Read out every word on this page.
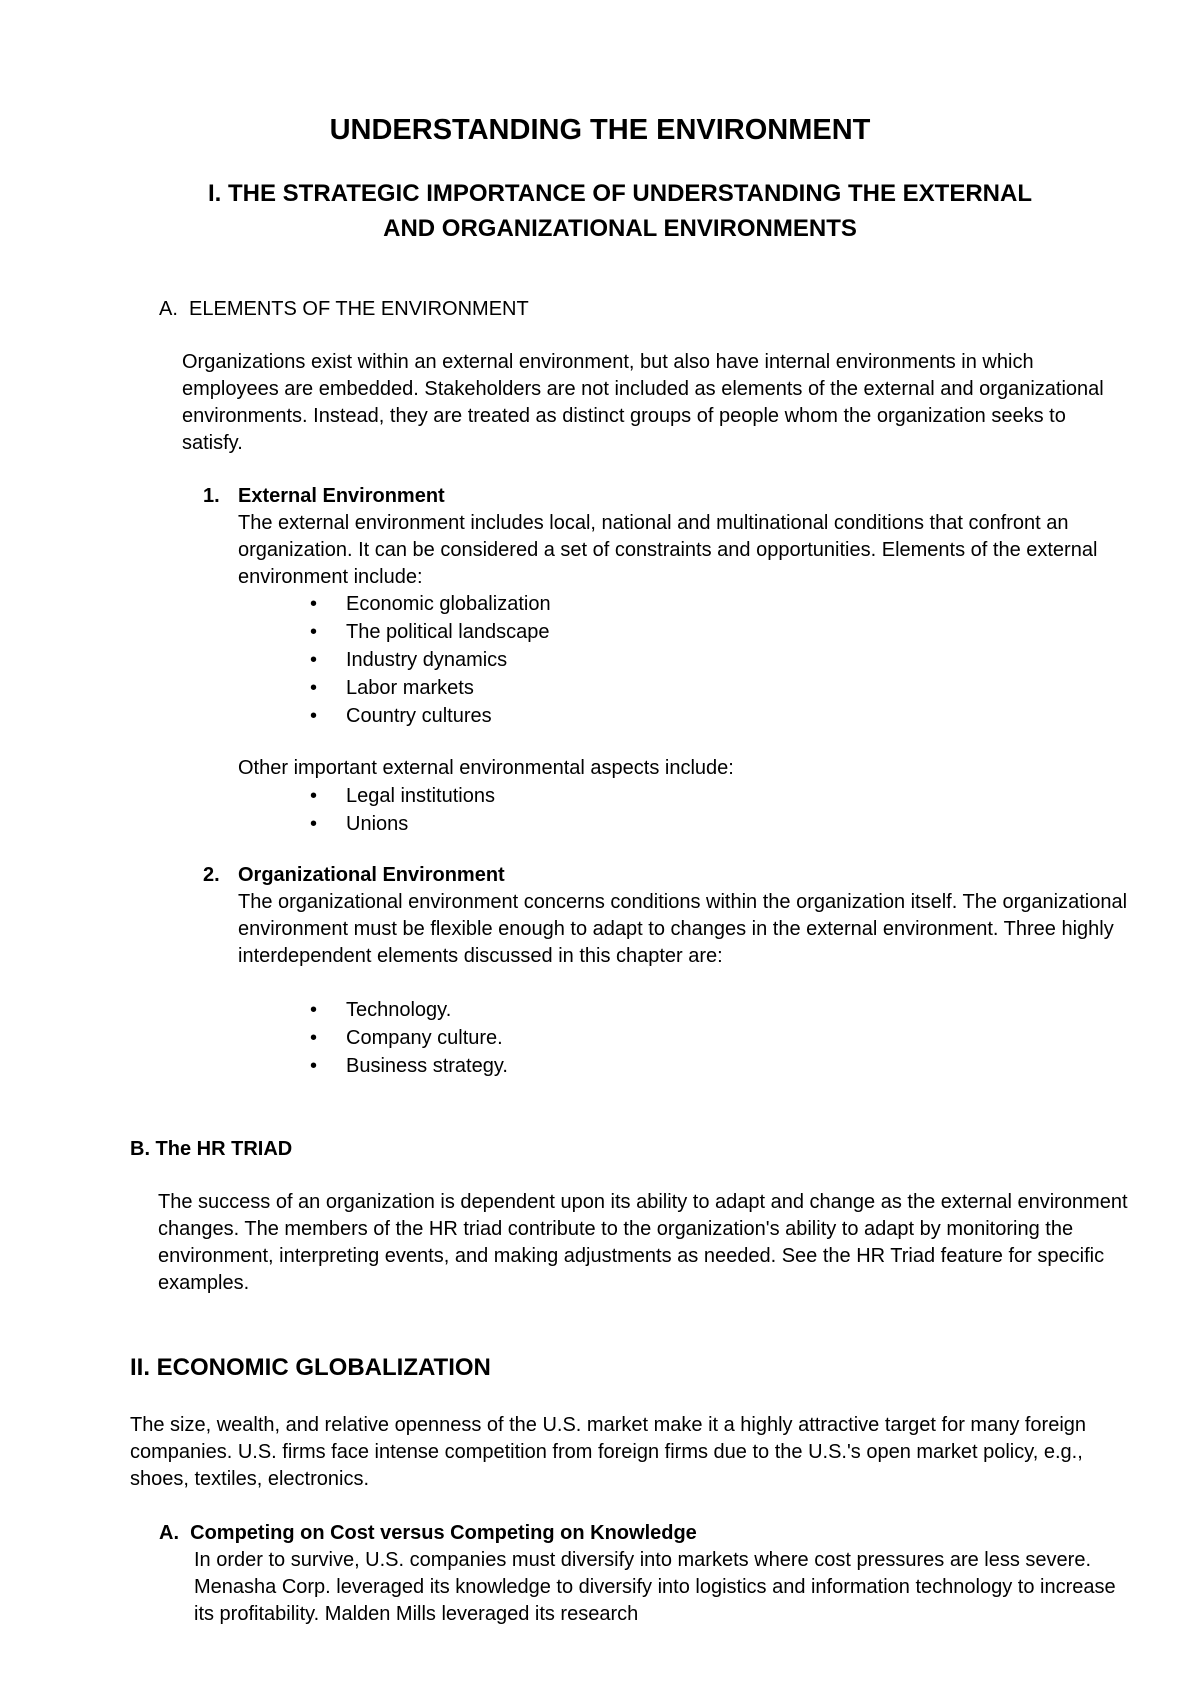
UNDERSTANDING THE ENVIRONMENT
I. THE STRATEGIC IMPORTANCE OF UNDERSTANDING THE EXTERNAL
AND ORGANIZATIONAL ENVIRONMENTS
A. ELEMENTS OF THE ENVIRONMENT

Organizations exist within an external environment, but also have internal environments in which employees are embedded. Stakeholders are not included as elements of the external and organizational environments. Instead, they are treated as distinct groups of people whom the organization seeks to satisfy.

1. External Environment
The external environment includes local, national and multinational conditions that confront an organization. It can be considered a set of constraints and opportunities. Elements of the external environment include:
• Economic globalization
• The political landscape
• Industry dynamics
• Labor markets
• Country cultures

Other important external environmental aspects include:

• Legal institutions
• Unions
2. Organizational Environment
The organizational environment concerns conditions within the organization itself. The organizational environment must be flexible enough to adapt to changes in the external environment. Three highly interdependent elements discussed in this chapter are:
• Technology.
• Company culture.
• Business strategy.
B. The HR TRIAD

The success of an organization is dependent upon its ability to adapt and change as the external environment changes. The members of the HR triad contribute to the organization's ability to adapt by monitoring the environment, interpreting events, and making adjustments as needed. See the HR Triad feature for specific examples.

II. ECONOMIC GLOBALIZATION

The size, wealth, and relative openness of the U.S. market make it a highly attractive target for many foreign companies. U.S. firms face intense competition from foreign firms due to the U.S.'s open market policy, e.g., shoes, textiles, electronics.

A. Competing on Cost versus Competing on Knowledge

In order to survive, U.S. companies must diversify into markets where cost pressures are less severe. Menasha Corp. leveraged its knowledge to diversify into logistics and information technology to increase its profitability. Malden Mills leveraged its research
